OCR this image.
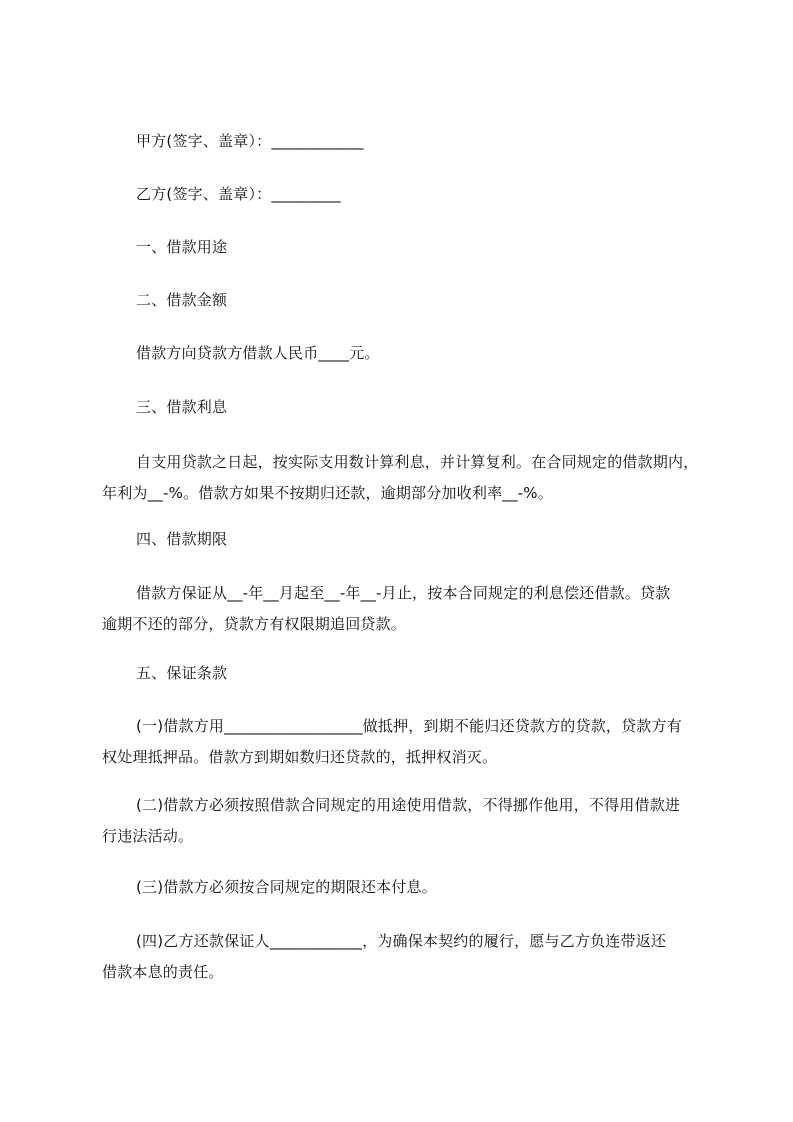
甲方(签字、盖章）：____________
乙方(签字、盖章）：_________
一、借款用途
二、借款金额
借款方向贷款方借款人民币____元。
三、借款利息
自支用贷款之日起，按实际支用数计算利息，并计算复利。在合同规定的借款期内，
年利为__-%。借款方如果不按期归还款，逾期部分加收利率__-%。
四、借款期限
借款方保证从__-年__月起至__-年__-月止，按本合同规定的利息偿还借款。贷款
逾期不还的部分，贷款方有权限期追回贷款。
五、保证条款
(一)借款方用__________________做抵押，到期不能归还贷款方的贷款，贷款方有
权处理抵押品。借款方到期如数归还贷款的，抵押权消灭。
(二)借款方必须按照借款合同规定的用途使用借款，不得挪作他用，不得用借款进
行违法活动。
(三)借款方必须按合同规定的期限还本付息。
(四)乙方还款保证人____________，为确保本契约的履行，愿与乙方负连带返还
借款本息的责任。
